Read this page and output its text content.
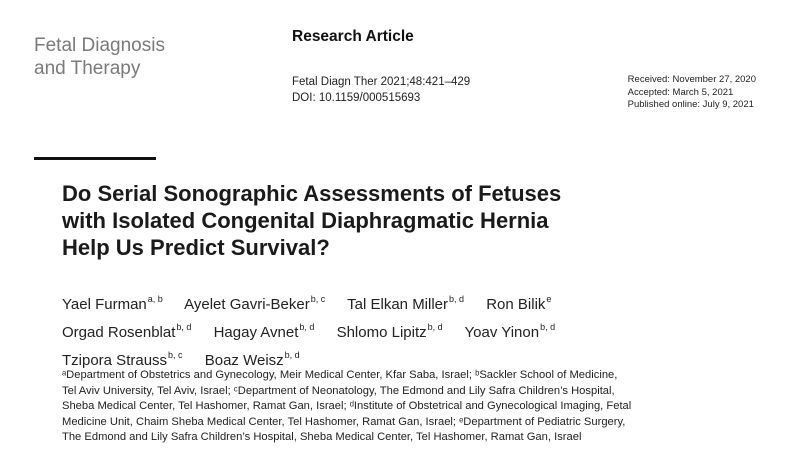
Fetal Diagnosis
and Therapy
Research Article
Fetal Diagn Ther 2021;48:421–429
DOI: 10.1159/000515693
Received: November 27, 2020
Accepted: March 5, 2021
Published online: July 9, 2021
Do Serial Sonographic Assessments of Fetuses
with Isolated Congenital Diaphragmatic Hernia
Help Us Predict Survival?
Yael Furman$^{a, b}$ Ayelet Gavri-Beker$^{b, c}$ Tal Elkan Miller$^{b, d}$ Ron Bilik$^e$
Orgad Rosenblat$^{b, d}$ Hagay Avnet$^{b, d}$ Shlomo Lipitz$^{b, d}$ Yoav Yinon$^{b, d}$
Tzipora Strauss$^{b, c}$ Boaz Weisz$^{b, d}$
ᵃDepartment of Obstetrics and Gynecology, Meir Medical Center, Kfar Saba, Israel; ᵇSackler School of Medicine,
Tel Aviv University, Tel Aviv, Israel; ᶜDepartment of Neonatology, The Edmond and Lily Safra Children’s Hospital,
Sheba Medical Center, Tel Hashomer, Ramat Gan, Israel; ᵈInstitute of Obstetrical and Gynecological Imaging, Fetal
Medicine Unit, Chaim Sheba Medical Center, Tel Hashomer, Ramat Gan, Israel; ᵉDepartment of Pediatric Surgery,
The Edmond and Lily Safra Children’s Hospital, Sheba Medical Center, Tel Hashomer, Ramat Gan, Israel
